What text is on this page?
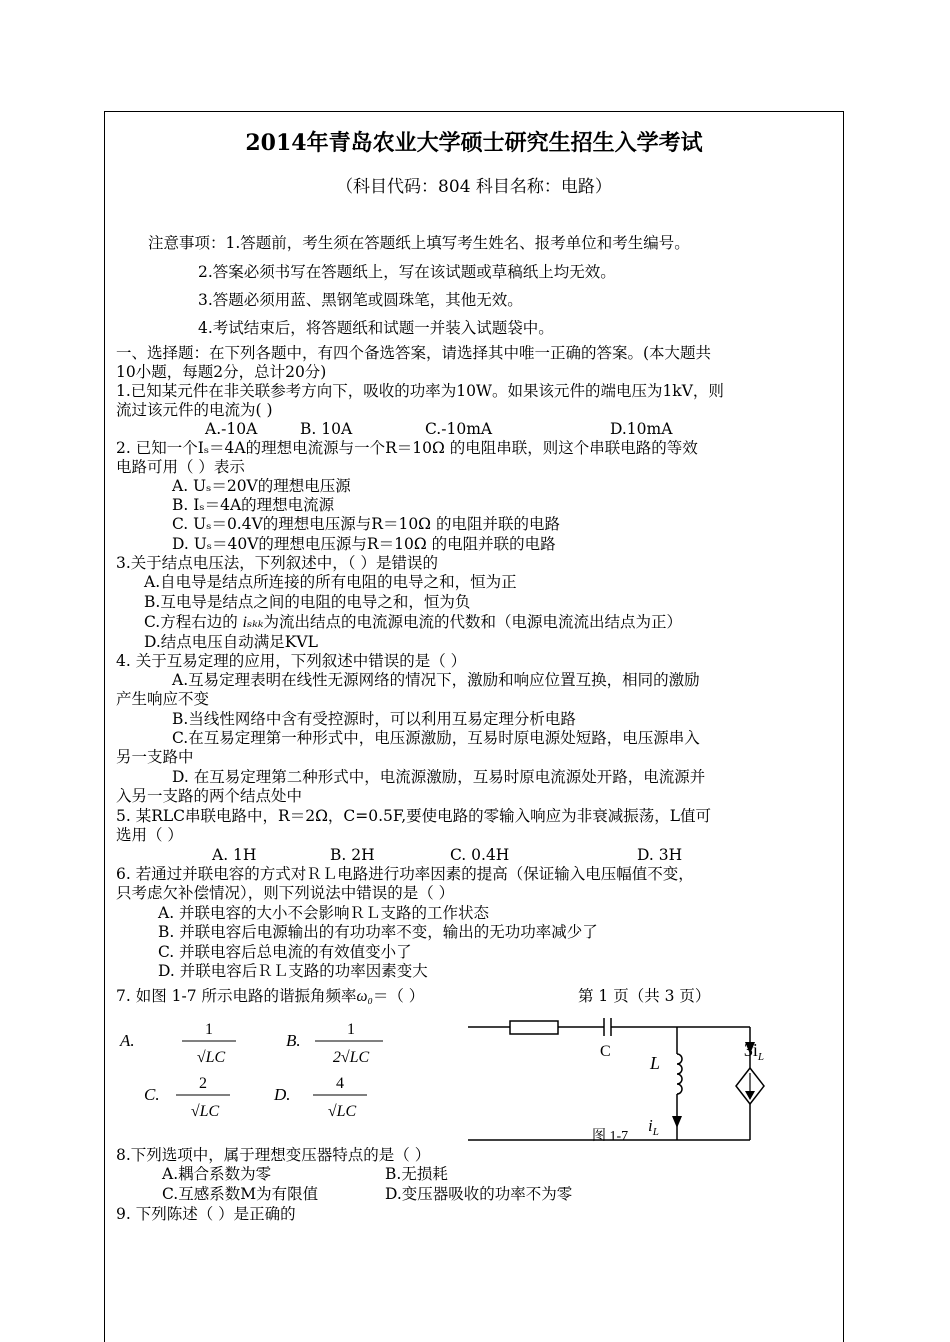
2014年青岛农业大学硕士研究生招生入学考试
（科目代码：804 科目名称：电路）
注意事项：1.答题前，考生须在答题纸上填写考生姓名、报考单位和考生编号。
2.答案必须书写在答题纸上，写在该试题或草稿纸上均无效。
3.答题必须用蓝、黑钢笔或圆珠笔，其他无效。
4.考试结束后，将答题纸和试题一并装入试题袋中。
一、选择题：在下列各题中，有四个备选答案，请选择其中唯一正确的答案。(本大题共
10小题，每题2分，总计20分)
1.已知某元件在非关联参考方向下，吸收的功率为10W。如果该元件的端电压为1kV，则
流过该元件的电流为( )
A.-10A	B. 10A	C.-10mA	D.10mA
2. 已知一个Iₛ＝4A的理想电流源与一个R＝10Ω 的电阻串联，则这个串联电路的等效
电路可用（ ）表示
A. Uₛ＝20V的理想电压源
B. Iₛ＝4A的理想电流源
C. Uₛ＝0.4V的理想电压源与R＝10Ω 的电阻并联的电路
D. Uₛ＝40V的理想电压源与R＝10Ω 的电阻并联的电路
3.关于结点电压法，下列叙述中，（ ）是错误的
A.自电导是结点所连接的所有电阻的电导之和，恒为正
B.互电导是结点之间的电阻的电导之和，恒为负
C.方程右边的 iₛₖₖ为流出结点的电流源电流的代数和（电源电流流出结点为正）
D.结点电压自动满足KVL
4. 关于互易定理的应用，下列叙述中错误的是（ ）
A.互易定理表明在线性无源网络的情况下，激励和响应位置互换，相同的激励
产生响应不变
B.当线性网络中含有受控源时，可以利用互易定理分析电路
C.在互易定理第一种形式中，电压源激励，互易时原电源处短路，电压源串入
另一支路中
D. 在互易定理第二种形式中，电流源激励，互易时原电流源处开路，电流源并
入另一支路的两个结点处中
5. 某RLC串联电路中，R＝2Ω，C=0.5F,要使电路的零输入响应为非衰减振荡，L值可
选用（ ）
A. 1H	B. 2H	C. 0.4H	D. 3H
6. 若通过并联电容的方式对ＲＬ电路进行功率因素的提高（保证输入电压幅值不变，
只考虑欠补偿情况），则下列说法中错误的是（ ）
A. 并联电容的大小不会影响ＲＬ支路的工作状态
B. 并联电容后电源输出的有功功率不变，输出的无功功率减少了
C. 并联电容后总电流的有效值变小了
D. 并联电容后ＲＬ支路的功率因素变大
7. 如图 1-7 所示电路的谐振角频率ω₀＝（ ）	第 1 页（共 3 页）
A.
1
√LC
B.
1
2√LC
C.
2
√LC
D.
4
√LC
C
L
$3i_L$
$i_L$
图 1-7
8.下列选项中，属于理想变压器特点的是（ ）
A.耦合系数为零	B.无损耗
C.互感系数M为有限值	D.变压器吸收的功率不为零
9. 下列陈述（ ）是正确的
